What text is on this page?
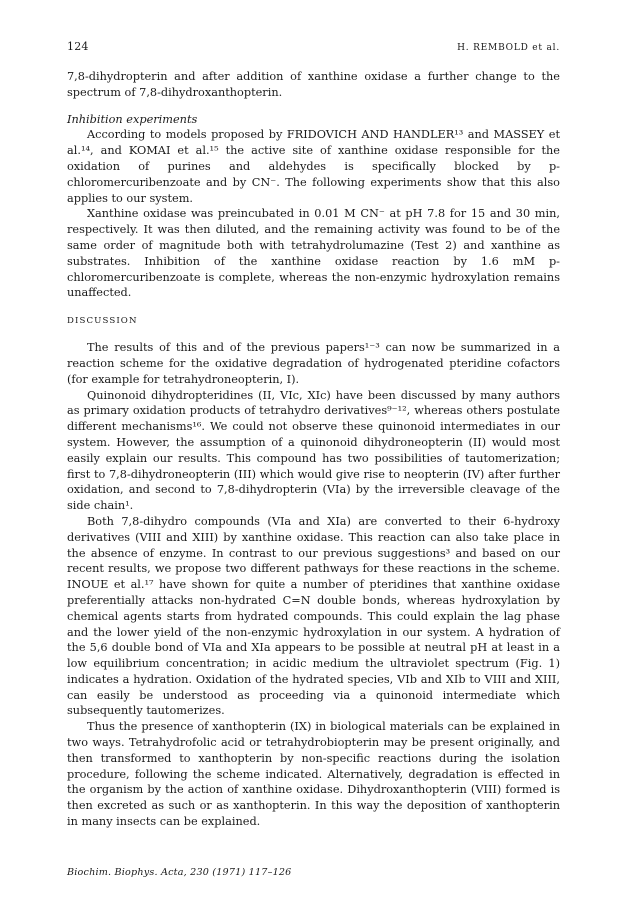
124	H. REMBOLD et al.

7,8-dihydropterin and after addition of xanthine oxidase a further change to the spectrum of 7,8-dihydroxanthopterin.

Inhibition experiments

According to models proposed by FRIDOVICH AND HANDLER¹³ and MASSEY et al.¹⁴, and KOMAI et al.¹⁵ the active site of xanthine oxidase responsible for the oxidation of purines and aldehydes is specifically blocked by p-chloromercuribenzoate and by CN⁻. The following experiments show that this also applies to our system.

Xanthine oxidase was preincubated in 0.01 M CN⁻ at pH 7.8 for 15 and 30 min, respectively. It was then diluted, and the remaining activity was found to be of the same order of magnitude both with tetrahydrolumazine (Test 2) and xanthine as substrates. Inhibition of the xanthine oxidase reaction by 1.6 mM p-chloromercuribenzoate is complete, whereas the non-enzymic hydroxylation remains unaffected.

DISCUSSION

The results of this and of the previous papers¹⁻³ can now be summarized in a reaction scheme for the oxidative degradation of hydrogenated pteridine cofactors (for example for tetrahydroneopterin, I).

Quinonoid dihydropteridines (II, VIc, XIc) have been discussed by many authors as primary oxidation products of tetrahydro derivatives⁹⁻¹², whereas others postulate different mechanisms¹⁶. We could not observe these quinonoid intermediates in our system. However, the assumption of a quinonoid dihydroneopterin (II) would most easily explain our results. This compound has two possibilities of tautomerization; first to 7,8-dihydroneopterin (III) which would give rise to neopterin (IV) after further oxidation, and second to 7,8-dihydropterin (VIa) by the irreversible cleavage of the side chain¹.

Both 7,8-dihydro compounds (VIa and XIa) are converted to their 6-hydroxy derivatives (VIII and XIII) by xanthine oxidase. This reaction can also take place in the absence of enzyme. In contrast to our previous suggestions³ and based on our recent results, we propose two different pathways for these reactions in the scheme. INOUE et al.¹⁷ have shown for quite a number of pteridines that xanthine oxidase preferentially attacks non-hydrated C=N double bonds, whereas hydroxylation by chemical agents starts from hydrated compounds. This could explain the lag phase and the lower yield of the non-enzymic hydroxylation in our system. A hydration of the 5,6 double bond of VIa and XIa appears to be possible at neutral pH at least in a low equilibrium concentration; in acidic medium the ultraviolet spectrum (Fig. 1) indicates a hydration. Oxidation of the hydrated species, VIb and XIb to VIII and XIII, can easily be understood as proceeding via a quinonoid intermediate which subsequently tautomerizes.

Thus the presence of xanthopterin (IX) in biological materials can be explained in two ways. Tetrahydrofolic acid or tetrahydrobiopterin may be present originally, and then transformed to xanthopterin by non-specific reactions during the isolation procedure, following the scheme indicated. Alternatively, degradation is effected in the organism by the action of xanthine oxidase. Dihydroxanthopterin (VIII) formed is then excreted as such or as xanthopterin. In this way the deposition of xanthopterin in many insects can be explained.

Biochim. Biophys. Acta, 230 (1971) 117–126
